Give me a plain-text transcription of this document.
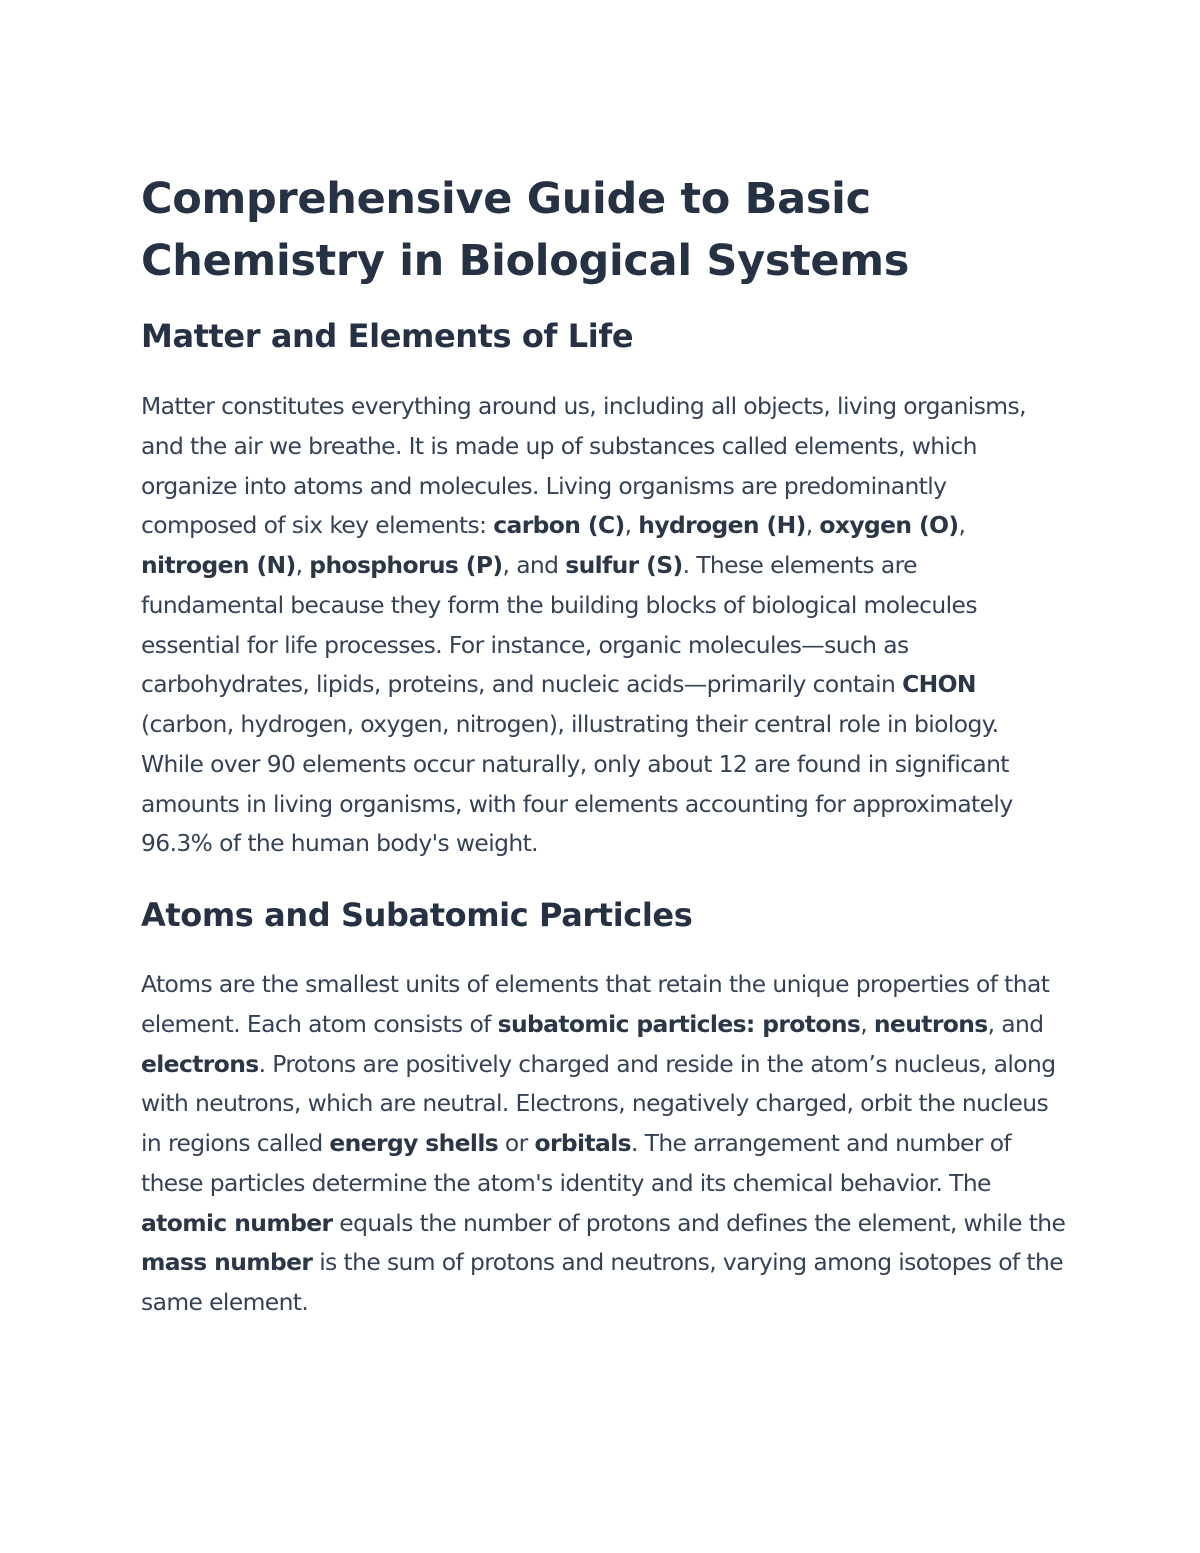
Comprehensive Guide to Basic
Chemistry in Biological Systems
Matter and Elements of Life

Matter constitutes everything around us, including all objects, living organisms, and the air we breathe. It is made up of substances called elements, which organize into atoms and molecules. Living organisms are predominantly composed of six key elements: carbon (C), hydrogen (H), oxygen (O), nitrogen (N), phosphorus (P), and sulfur (S). These elements are fundamental because they form the building blocks of biological molecules essential for life processes. For instance, organic molecules—such as carbohydrates, lipids, proteins, and nucleic acids—primarily contain CHON (carbon, hydrogen, oxygen, nitrogen), illustrating their central role in biology. While over 90 elements occur naturally, only about 12 are found in significant amounts in living organisms, with four elements accounting for approximately 96.3% of the human body's weight.

Atoms and Subatomic Particles

Atoms are the smallest units of elements that retain the unique properties of that element. Each atom consists of subatomic particles: protons, neutrons, and electrons. Protons are positively charged and reside in the atom’s nucleus, along with neutrons, which are neutral. Electrons, negatively charged, orbit the nucleus in regions called energy shells or orbitals. The arrangement and number of these particles determine the atom's identity and its chemical behavior. The atomic number equals the number of protons and defines the element, while the mass number is the sum of protons and neutrons, varying among isotopes of the same element.
